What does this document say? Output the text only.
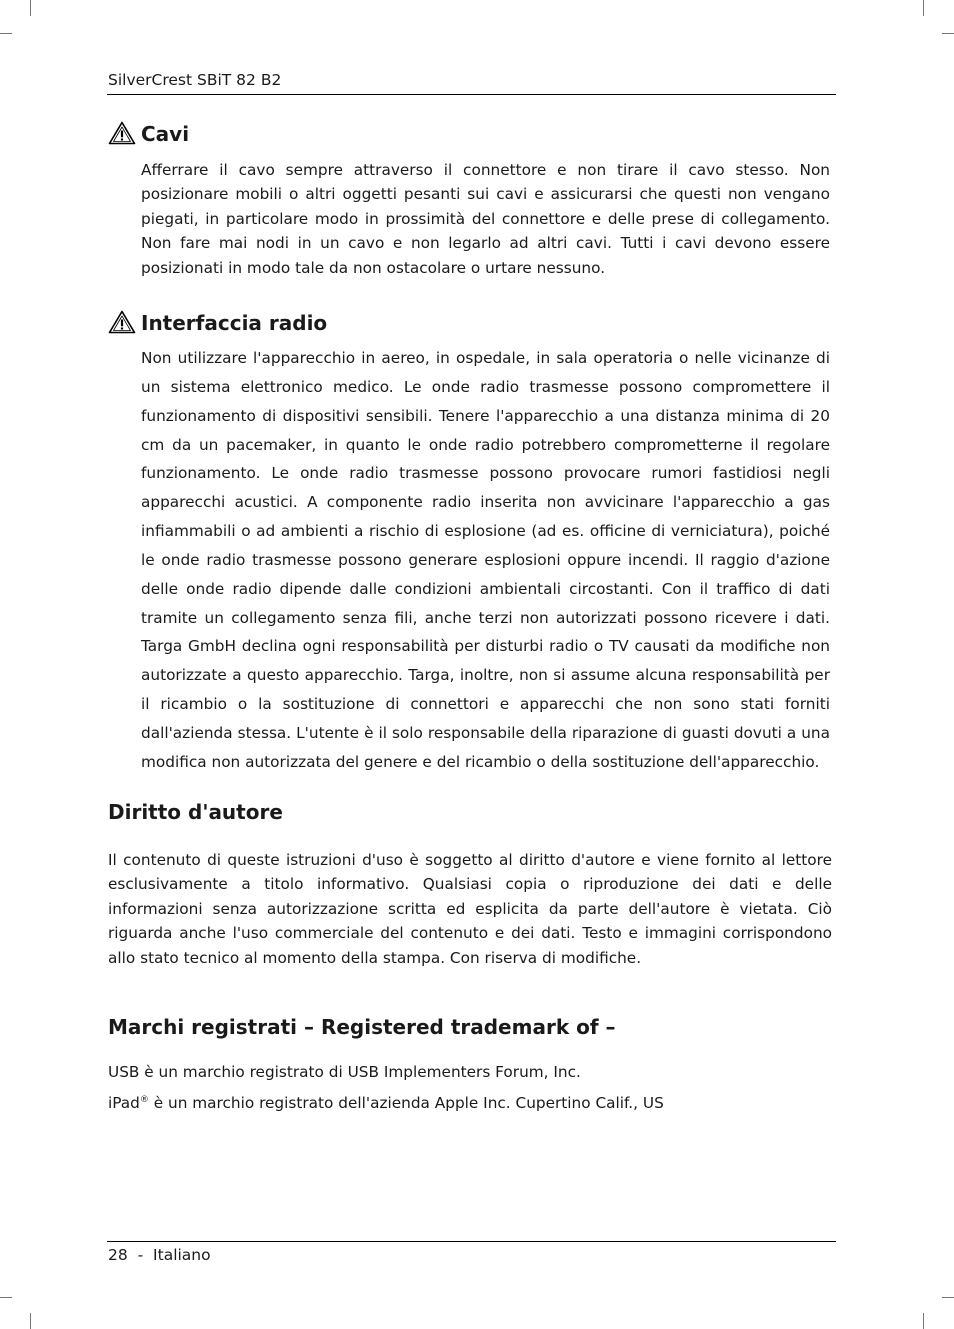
SilverCrest SBiT 82 B2
Cavi

Afferrare il cavo sempre attraverso il connettore e non tirare il cavo stesso. Non posizionare mobili o altri oggetti pesanti sui cavi e assicurarsi che questi non vengano piegati, in particolare modo in prossimità del connettore e delle prese di collegamento. Non fare mai nodi in un cavo e non legarlo ad altri cavi. Tutti i cavi devono essere posizionati in modo tale da non ostacolare o urtare nessuno.

Interfaccia radio

Non utilizzare l'apparecchio in aereo, in ospedale, in sala operatoria o nelle vicinanze di un sistema elettronico medico. Le onde radio trasmesse possono compromettere il funzionamento di dispositivi sensibili. Tenere l'apparecchio a una distanza minima di 20 cm da un pacemaker, in quanto le onde radio potrebbero comprometterne il regolare funzionamento. Le onde radio trasmesse possono provocare rumori fastidiosi negli apparecchi acustici. A componente radio inserita non avvicinare l'apparecchio a gas infiammabili o ad ambienti a rischio di esplosione (ad es. officine di verniciatura), poiché le onde radio trasmesse possono generare esplosioni oppure incendi. Il raggio d'azione delle onde radio dipende dalle condizioni ambientali circostanti. Con il traffico di dati tramite un collegamento senza fili, anche terzi non autorizzati possono ricevere i dati. Targa GmbH declina ogni responsabilità per disturbi radio o TV causati da modifiche non autorizzate a questo apparecchio. Targa, inoltre, non si assume alcuna responsabilità per il ricambio o la sostituzione di connettori e apparecchi che non sono stati forniti dall'azienda stessa. L'utente è il solo responsabile della riparazione di guasti dovuti a una modifica non autorizzata del genere e del ricambio o della sostituzione dell'apparecchio.

Diritto d'autore

Il contenuto di queste istruzioni d'uso è soggetto al diritto d'autore e viene fornito al lettore esclusivamente a titolo informativo. Qualsiasi copia o riproduzione dei dati e delle informazioni senza autorizzazione scritta ed esplicita da parte dell'autore è vietata. Ciò riguarda anche l'uso commerciale del contenuto e dei dati. Testo e immagini corrispondono allo stato tecnico al momento della stampa. Con riserva di modifiche.

Marchi registrati – Registered trademark of –
USB è un marchio registrato di USB Implementers Forum, Inc.
iPad® è un marchio registrato dell'azienda Apple Inc. Cupertino Calif., US
28 - Italiano
